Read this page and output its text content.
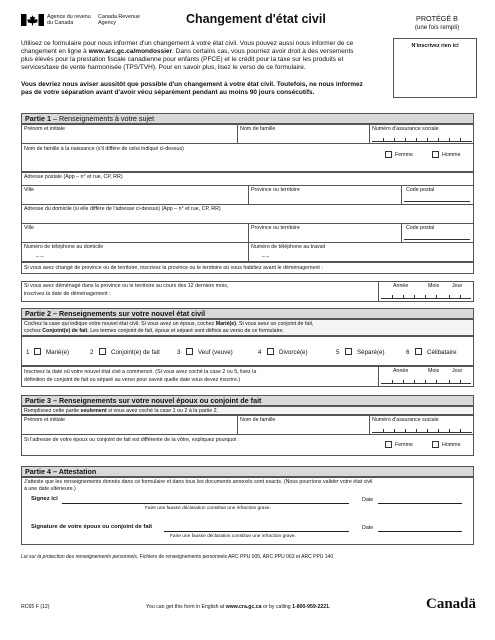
Agence du revenu
du Canada
Canada Revenue
Agency	Changement d'état civil	PROTÉGÉ B
(une fois rempli)
N'inscrivez rien ici
Utilisez ce formulaire pour nous informer d'un changement à votre état civil. Vous pouvez aussi nous informer de ce changement en ligne à www.arc.gc.ca/mondossier. Dans certains cas, vous pourriez avoir droit à des versements plus élevés pour la prestation fiscale canadienne pour enfants (PFCE) et le crédit pour la taxe sur les produits et services/taxe de vente harmonisée (TPS/TVH). Pour en savoir plus, lisez le verso de ce formulaire.
Vous devriez nous aviser aussitôt que possible d'un changement à votre état civil. Toutefois, ne nous informez pas de votre séparation avant d'avoir vécu séparément pendant au moins 90 jours consécutifs.
Partie 1 – Renseignements à votre sujet
Prénom et initiale	Nom de famille	Numéro d'assurance sociale
Nom de famille à la naissance (s'il diffère de celui indiqué ci-dessus)
Femme	Homme
Adresse postale (App – n° et rue, CP, RR)
Ville	Province ou territoire	Code postal
Adresse du domicile (si elle diffère de l'adresse ci-dessus) (App – n° et rue, CP, RR)
Ville	Province ou territoire	Code postal
Numéro de téléphone au domicile	Numéro de téléphone au travail
_ _	_ _
Si vous avez changé de province ou de territoire, inscrivez la province ou le territoire où vous habitiez avant le déménagement :
Si vous avez déménagé dans la province ou le territoire au cours des 12 derniers mois,
inscrivez la date de déménagement :
Année	Mois Jour
Partie 2 – Renseignements sur votre nouvel état civil
Cochez la case qui indique votre nouvel état civil. Si vous avez un époux, cochez Marié(e). Si vous avez un conjoint de fait,
cochez Conjoint(e) de fait. Les termes conjoint de fait, époux et séparé sont définis au verso de ce formulaire.
1	Marié(e)	2	Conjoint(e) de fait	3	Veuf (veuve)	4	Divorcé(e)	5	Séparé(e)	6	Célibataire
Inscrivez la date où votre nouvel état civil a commencé. (Si vous avez coché la case 2 ou 5, lisez la
définition de conjoint de fait ou séparé au verso pour savoir quelle date vous devez inscrire.)
Année	Mois Jour
Partie 3 – Renseignements sur votre nouvel époux ou conjoint de fait
Remplissez cette partie seulement si vous avez coché la case 1 ou 2 à la partie 2.
Prénom et initiale	Nom de famille	Numéro d'assurance sociale
Si l'adresse de votre époux ou conjoint de fait est différente de la vôtre, expliquez pourquoi :
Femme	Homme
Partie 4 – Attestation
J'atteste que les renseignements donnés dans ce formulaire et dans tous les documents annexés sont exacts. (Nous pourrions valider votre état civil
à une date ultérieure.)
Signez ici	Date
Faire une fausse déclaration constitue une infraction grave.
Signature de votre époux ou conjoint de fait	Date
Faire une fausse déclaration constitue une infraction grave.
Loi sur la protection des renseignements personnels, Fichiers de renseignements personnels ARC PPU 005, ARC PPU 063 et ARC PPU 140
RC65 F (12)	You can get this form in English at www.cra.gc.ca or by calling 1-800-959-2221.	Canadä
